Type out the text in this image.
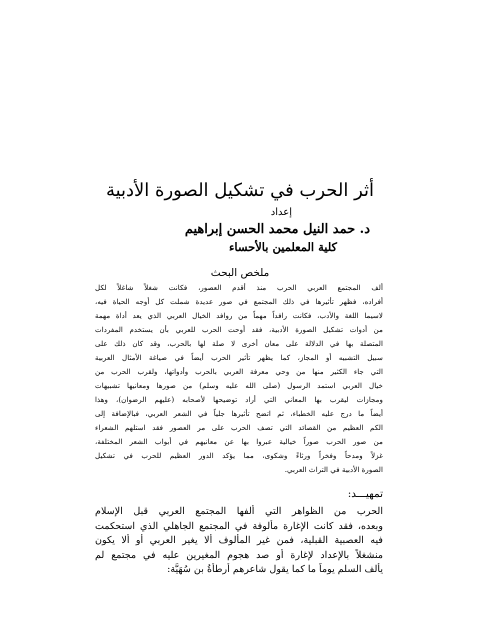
أثر الحرب في تشكيل الصورة الأدبية
إعداد
د. حمد النيل محمد الحسن إبراهيم
كلية المعلمين بالأحساء
ملخص البحث
ألف المجتمع العربي الحرب منذ أقدم العصور، فكانت شغلاً شاغلاً لكل
أفراده، فظهر تأثيرها في ذلك المجتمع في صور عديدة شملت كل أوجه الحياة فيه،
لاسيما اللغة والأدب، فكانت رافداً مهماً من روافد الخيال العربي الذي يعد أداة مهمة
من أدوات تشكيل الصورة الأدبية، فقد أوحت الحرب للعربي بأن يستخدم المفردات
المتصلة بها في الدلالة على معان أخرى لا صلة لها بالحرب، وقد كان ذلك على
سبيل التشبيه أو المجاز، كما يظهر تأثير الحرب أيضاً في صياغة الأمثال العربية
التي جاء الكثير منها من وحي معرفة العربي بالحرب وأدواتها، ولقرب الحرب من
خيال العربي استمد الرسول (صلى الله عليه وسلم) من صورها ومعانيها تشبيهات
ومجازات ليقرب بها المعاني التي أراد توضيحها لأصحابه (عليهم الرضوان)، وهذا
أيضاً ما درج عليه الخطباء، ثم اتضح تأثيرها جلياً في الشعر العربي، فبالإضافة إلى
الكم العظيم من القصائد التي تصف الحرب على مر العصور فقد استلهم الشعراء
من صور الحرب صوراً خيالية عبروا بها عن معانيهم في أبواب الشعر المختلفة،
غزلاً ومدحاً وفخراً ورثاءً وشكوى، مما يؤكد الدور العظيم للحرب في تشكيل
الصورة الأدبية في التراث العربي.
تمهيـــد:
الحرب من الظواهر التي ألفها المجتمع العربي قبل الإسلام
وبعده، فقد كانت الإغارة مألوفة في المجتمع الجاهلي الذي استحكمت
فيه العصبية القبلية، فمن غير المألوف ألا يغير العربي أو ألا يكون
منشغلاً بالإعداد لإغارة أو صد هجوم المغيرين عليه في مجتمع لم
يألف السلم يوماً ما كما يقول شاعرهم أُرطأةُ بن سُهَيَّة:
